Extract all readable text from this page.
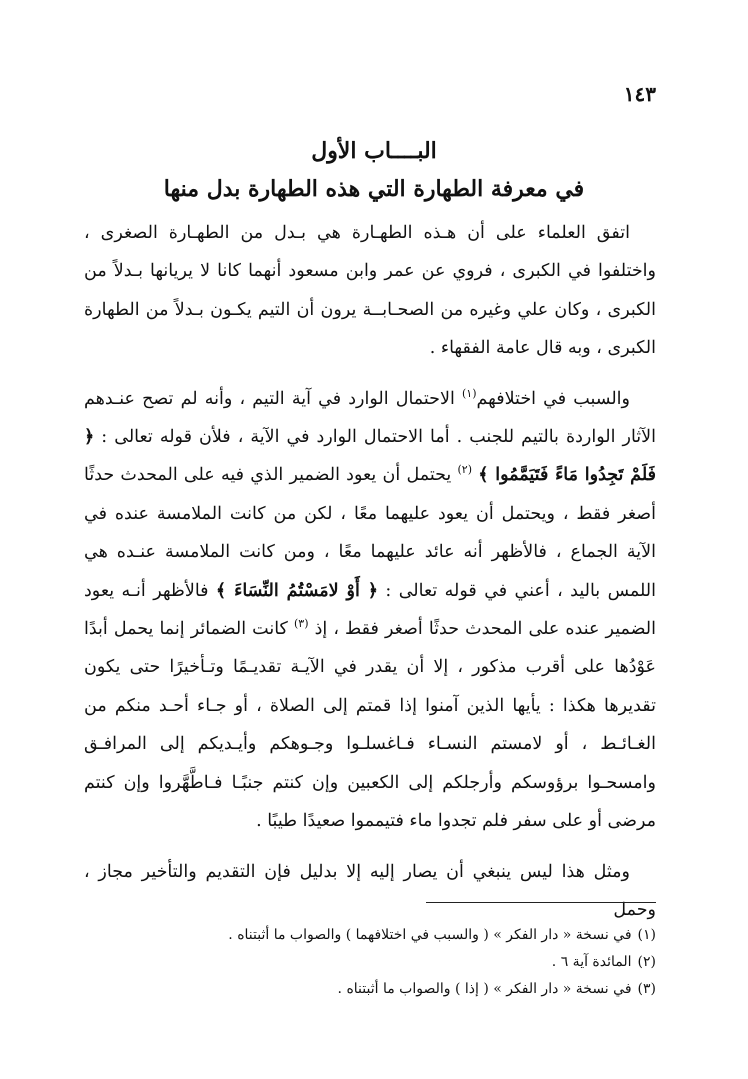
١٤٣
البــــاب الأول
في معرفة الطهارة التي هذه الطهارة بدل منها

اتفق العلماء على أن هـذه الطهـارة هي بـدل من الطهـارة الصغرى ، واختلفوا في الكبرى ، فروي عن عمر وابن مسعود أنهما كانا لا يريانها بـدلاً من الكبرى ، وكان علي وغيره من الصحـابــة يرون أن التيم يكـون بـدلاً من الطهارة الكبرى ، وبه قال عامة الفقهاء .

والسبب في اختلافهم$^{(١)}$ الاحتمال الوارد في آية التيم ، وأنه لم تصح عنـدهم الآثار الواردة بالتيم للجنب . أما الاحتمال الوارد في الآية ، فلأن قوله تعالى : ﴿ فَلَمْ تَجِدُوا مَاءً فَتَيَمَّمُوا ﴾ $^{(٢)}$ يحتمل أن يعود الضمير الذي فيه على المحدث حدثًا أصغر فقط ، ويحتمل أن يعود عليهما معًا ، لكن من كانت الملامسة عنده في الآية الجماع ، فالأظهر أنه عائد عليهما معًا ، ومن كانت الملامسة عنـده هي اللمس باليد ، أعني في قوله تعالى : ﴿ أَوْ لامَسْتُمُ النِّسَاءَ ﴾ فالأظهر أنـه يعود الضمير عنده على المحدث حدثًا أصغر فقط ، إذ $^{(٣)}$ كانت الضمائر إنما يحمل أبدًا عَوْدُها على أقرب مذكور ، إلا أن يقدر في الآيـة تقديـمًا وتـأخيرًا حتى يكون تقديرها هكذا : يأيها الذين آمنوا إذا قمتم إلى الصلاة ، أو جـاء أحـد منكم من الغـائـط ، أو لامستم النسـاء فـاغسلـوا وجـوهكم وأيـديكم إلى المرافـق وامسحـوا برؤوسكم وأرجلكم إلى الكعبين وإن كنتم جنبًـا فـاطَّهَّروا وإن كنتم مرضى أو على سفر فلم تجدوا ماء فتيمموا صعيدًا طيبًا .

ومثل هذا ليس ينبغي أن يصار إليه إلا بدليل فإن التقديم والتأخير مجاز ، وحمل

(١)
في نسخة « دار الفكر » ( والسبب في اختلافهما ) والصواب ما أثبتناه .
(٢)
المائدة آية ٦ .
(٣)
في نسخة « دار الفكر » ( إذا ) والصواب ما أثبتناه .
